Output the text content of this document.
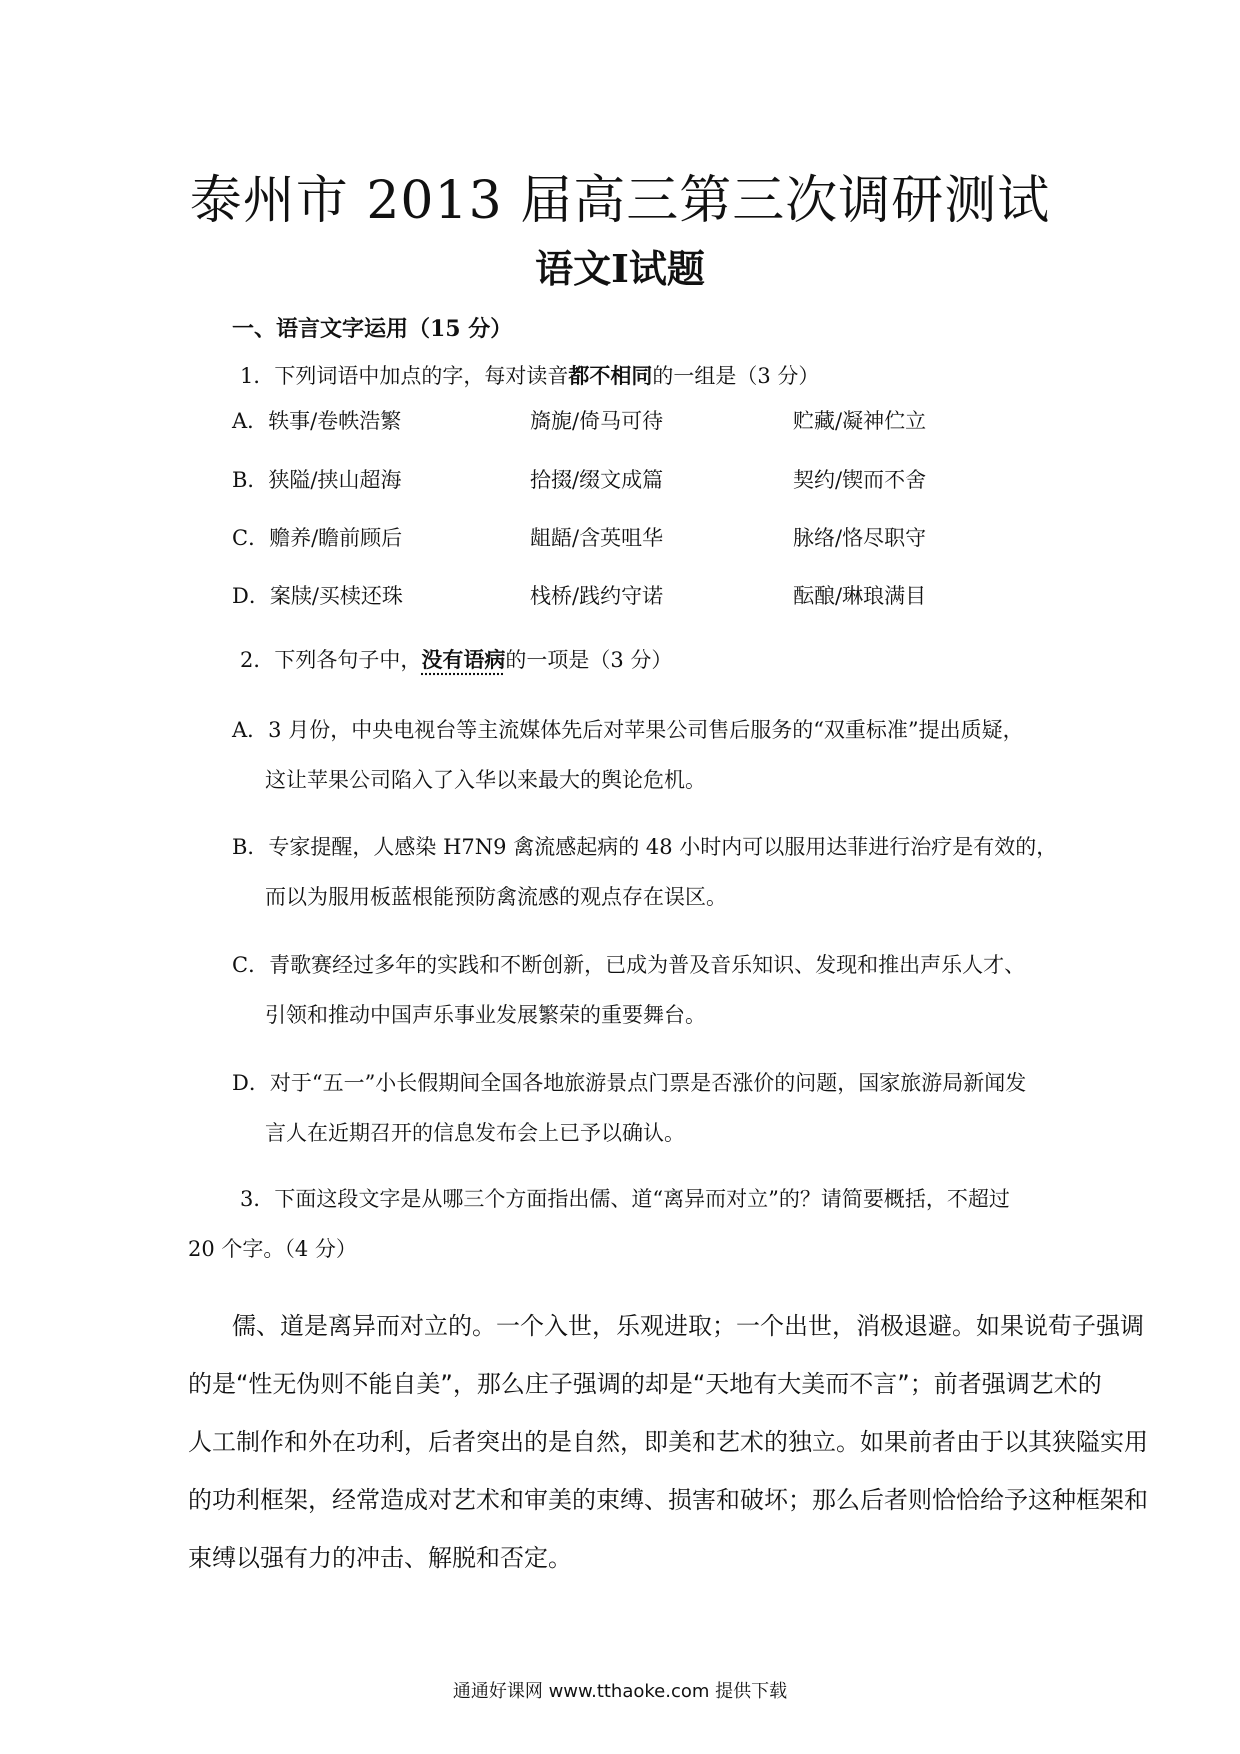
泰州市 2013 届高三第三次调研测试
语文Ⅰ试题
一、语言文字运用（15 分）
1．下列词语中加点的字，每对读音都不相同的一组是（3 分）
A．轶事/卷帙浩繁	旖旎/倚马可待	贮藏/凝神伫立
B．狭隘/挟山超海	拾掇/缀文成篇	契约/锲而不舍
C．赡养/瞻前顾后	龃龉/含英咀华	脉络/恪尽职守
D．案牍/买椟还珠	栈桥/践约守诺	酝酿/琳琅满目
2．下列各句子中，没有语病的一项是（3 分）
A．3 月份，中央电视台等主流媒体先后对苹果公司售后服务的“双重标准”提出质疑，
这让苹果公司陷入了入华以来最大的舆论危机。
B．专家提醒，人感染 H7N9 禽流感起病的 48 小时内可以服用达菲进行治疗是有效的，
而以为服用板蓝根能预防禽流感的观点存在误区。
C．青歌赛经过多年的实践和不断创新，已成为普及音乐知识、发现和推出声乐人才、
引领和推动中国声乐事业发展繁荣的重要舞台。
D．对于“五一”小长假期间全国各地旅游景点门票是否涨价的问题，国家旅游局新闻发
言人在近期召开的信息发布会上已予以确认。
3．下面这段文字是从哪三个方面指出儒、道“离异而对立”的？请简要概括，不超过
20 个字。（4 分）
儒、道是离异而对立的。一个入世，乐观进取；一个出世，消极退避。如果说荀子强调
的是“性无伪则不能自美”，那么庄子强调的却是“天地有大美而不言”；前者强调艺术的
人工制作和外在功利，后者突出的是自然，即美和艺术的独立。如果前者由于以其狭隘实用
的功利框架，经常造成对艺术和审美的束缚、损害和破坏；那么后者则恰恰给予这种框架和
束缚以强有力的冲击、解脱和否定。
通通好课网 www.tthaoke.com 提供下载
